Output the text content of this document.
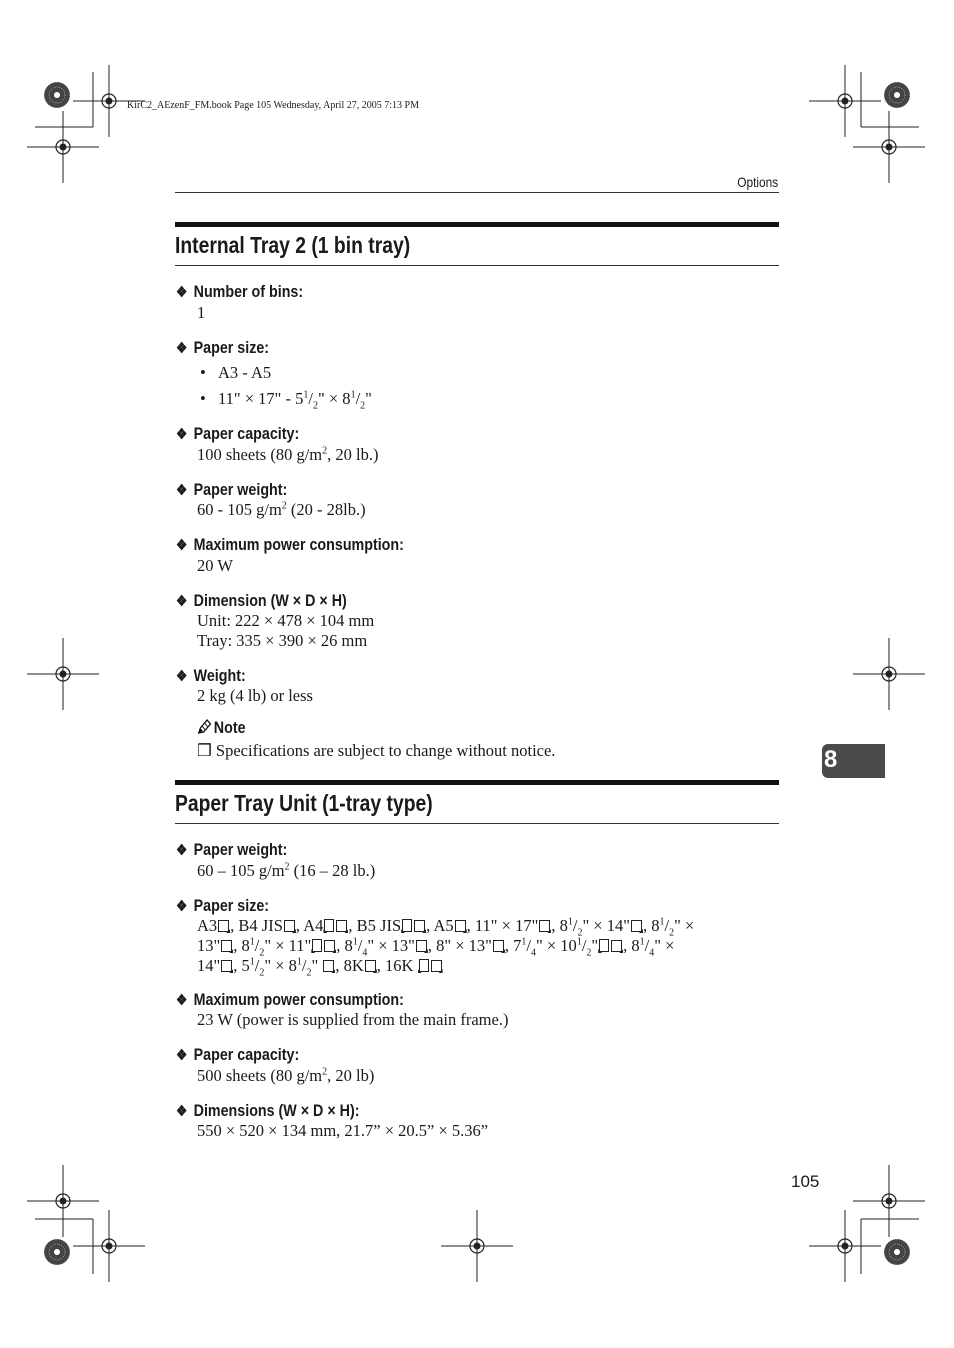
KirC2_AEzenF_FM.book Page 105 Wednesday, April 27, 2005 7:13 PM
Options
Internal Tray 2 (1 bin tray)
❖ Number of bins:
1
❖ Paper size:
• A3 - A5
• 11" × 17" - $5^1/_2$" × $8^1/_2$"
❖ Paper capacity:
100 sheets (80 $g/m^2$, 20 lb.)
❖ Paper weight:
60 - 105 $g/m^2$ (20 - 28lb.)
❖ Maximum power consumption:
20 W
❖ Dimension (W × D × H)
Unit: 222 × 478 × 104 mm
Tray: 335 × 390 × 26 mm
❖ Weight:
2 kg (4 lb) or less
Note
❒ Specifications are subject to change without notice.
Paper Tray Unit (1-tray type)
❖ Paper weight:
60 – 105 $g/m^2$ (16 – 28 lb.)
❖ Paper size:
A3 , B4 JIS , A4 , B5 JIS , A5 , 11" × 17" , $8^1/_2$" × 14" , $8^1/_2$" ×
13" , $8^1/_2$" × 11" , $8^1/_4$" × 13" , 8" × 13" , $7^1/_4$" × $10^1/_2$" , $8^1/_4$" ×
14" , $5^1/_2$" × $8^1/_2$" , 8K , 16K
❖ Maximum power consumption:
23 W (power is supplied from the main frame.)
❖ Paper capacity:
500 sheets (80 $g/m^2$, 20 lb)
❖ Dimensions (W × D × H):
550 × 520 × 134 mm, 21.7” × 20.5” × 5.36”
8
105
